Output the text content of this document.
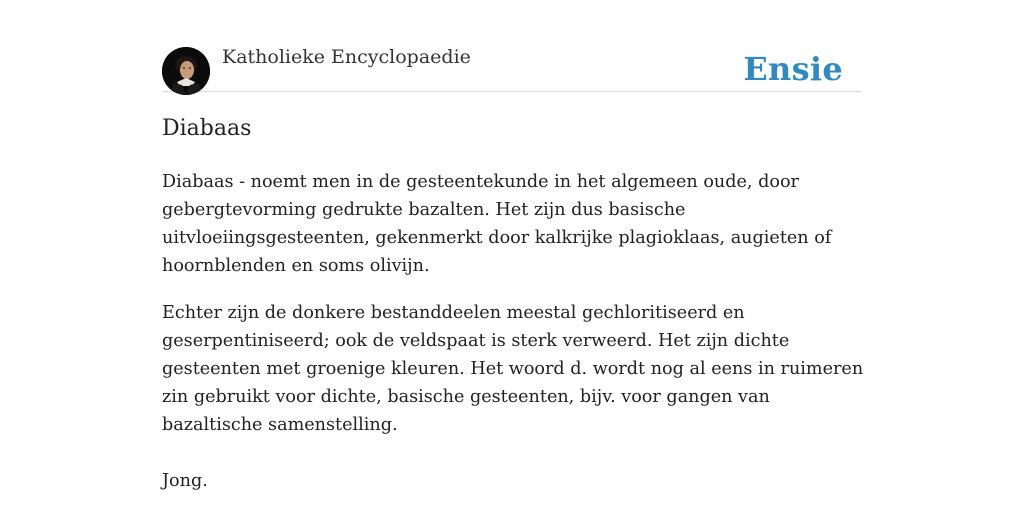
Katholieke Encyclopaedie	Ensie
Diabaas

Diabaas - noemt men in de gesteentekunde in het algemeen oude, door gebergtevorming gedrukte bazalten. Het zijn dus basische uitvloeiingsgesteenten, gekenmerkt door kalkrijke plagioklaas, augieten of hoornblenden en soms olivijn.

Echter zijn de donkere bestanddeelen meestal gechloritiseerd en geserpentiniseerd; ook de veldspaat is sterk verweerd. Het zijn dichte gesteenten met groenige kleuren. Het woord d. wordt nog al eens in ruimeren zin gebruikt voor dichte, basische gesteenten, bijv. voor gangen van bazaltische samenstelling.

Jong.
